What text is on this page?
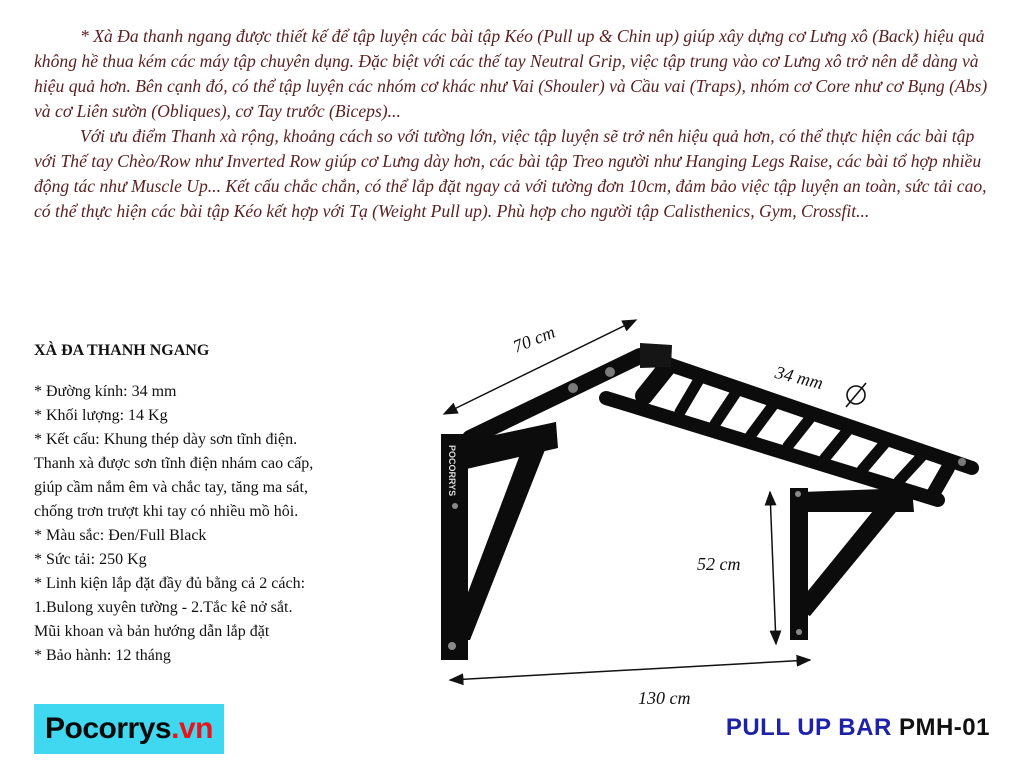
* Xà Đa thanh ngang được thiết kế để tập luyện các bài tập Kéo (Pull up & Chin up) giúp xây dựng cơ Lưng xô (Back) hiệu quả không hề thua kém các máy tập chuyên dụng. Đặc biệt với các thế tay Neutral Grip, việc tập trung vào cơ Lưng xô trở nên dễ dàng và hiệu quả hơn. Bên cạnh đó, có thể tập luyện các nhóm cơ khác như Vai (Shouler) và Cầu vai (Traps), nhóm cơ Core như cơ Bụng (Abs) và cơ Liên sườn (Obliques), cơ Tay trước (Biceps)...

Với ưu điểm Thanh xà rộng, khoảng cách so với tường lớn, việc tập luyện sẽ trở nên hiệu quả hơn, có thể thực hiện các bài tập với Thế tay Chèo/Row như Inverted Row giúp cơ Lưng dày hơn, các bài tập Treo người như Hanging Legs Raise, các bài tổ hợp nhiều động tác như Muscle Up... Kết cấu chắc chắn, có thể lắp đặt ngay cả với tường đơn 10cm, đảm bảo việc tập luyện an toàn, sức tải cao, có thể thực hiện các bài tập Kéo kết hợp với Tạ (Weight Pull up). Phù hợp cho người tập Calisthenics, Gym, Crossfit...

XÀ ĐA THANH NGANG
* Đường kính: 34 mm
* Khối lượng: 14 Kg
* Kết cấu: Khung thép dày sơn tĩnh điện.
Thanh xà được sơn tĩnh điện nhám cao cấp,
giúp cầm nắm êm và chắc tay, tăng ma sát,
chống trơn trượt khi tay có nhiều mồ hôi.
* Màu sắc: Đen/Full Black
* Sức tải: 250 Kg
* Linh kiện lắp đặt đầy đủ bằng cả 2 cách:
1.Bulong xuyên tường - 2.Tắc kê nở sắt.
Mũi khoan và bản hướng dẫn lắp đặt
* Bảo hành: 12 tháng
POCORRYS
70 cm
34 mm
52 cm
130 cm
Pocorrys .vn	PULL UP BAR PMH-01
